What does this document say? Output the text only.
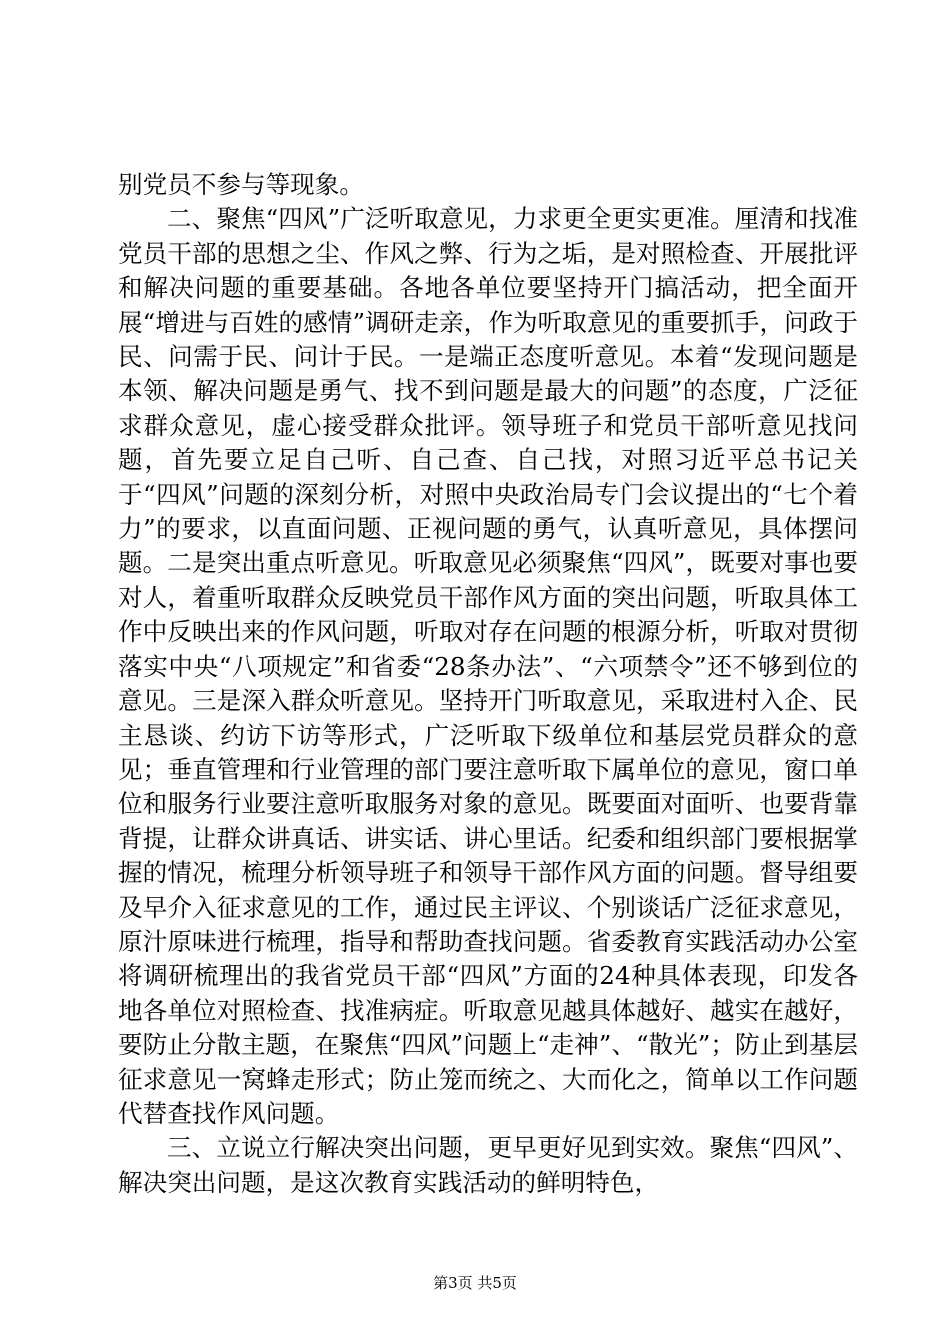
别党员不参与等现象。

二、聚焦“四风”广泛听取意见，力求更全更实更准。厘清和找准党员干部的思想之尘、作风之弊、行为之垢，是对照检查、开展批评和解决问题的重要基础。各地各单位要坚持开门搞活动，把全面开展“增进与百姓的感情”调研走亲，作为听取意见的重要抓手，问政于民、问需于民、问计于民。一是端正态度听意见。本着“发现问题是本领、解决问题是勇气、找不到问题是最大的问题”的态度，广泛征求群众意见，虚心接受群众批评。领导班子和党员干部听意见找问题，首先要立足自己听、自己查、自己找，对照习近平总书记关于“四风”问题的深刻分析，对照中央政治局专门会议提出的“七个着力”的要求，以直面问题、正视问题的勇气，认真听意见，具体摆问题。二是突出重点听意见。听取意见必须聚焦“四风”，既要对事也要对人，着重听取群众反映党员干部作风方面的突出问题，听取具体工作中反映出来的作风问题，听取对存在问题的根源分析，听取对贯彻落实中央“八项规定”和省委“28条办法”、“六项禁令”还不够到位的意见。三是深入群众听意见。坚持开门听取意见，采取进村入企、民主恳谈、约访下访等形式，广泛听取下级单位和基层党员群众的意见；垂直管理和行业管理的部门要注意听取下属单位的意见，窗口单位和服务行业要注意听取服务对象的意见。既要面对面听、也要背靠背提，让群众讲真话、讲实话、讲心里话。纪委和组织部门要根据掌握的情况，梳理分析领导班子和领导干部作风方面的问题。督导组要及早介入征求意见的工作，通过民主评议、个别谈话广泛征求意见，原汁原味进行梳理，指导和帮助查找问题。省委教育实践活动办公室将调研梳理出的我省党员干部“四风”方面的24种具体表现，印发各地各单位对照检查、找准病症。听取意见越具体越好、越实在越好，要防止分散主题，在聚焦“四风”问题上“走神”、“散光”；防止到基层征求意见一窝蜂走形式；防止笼而统之、大而化之，简单以工作问题代替查找作风问题。

三、立说立行解决突出问题，更早更好见到实效。聚焦“四风”、解决突出问题，是这次教育实践活动的鲜明特色，

第3页 共5页
